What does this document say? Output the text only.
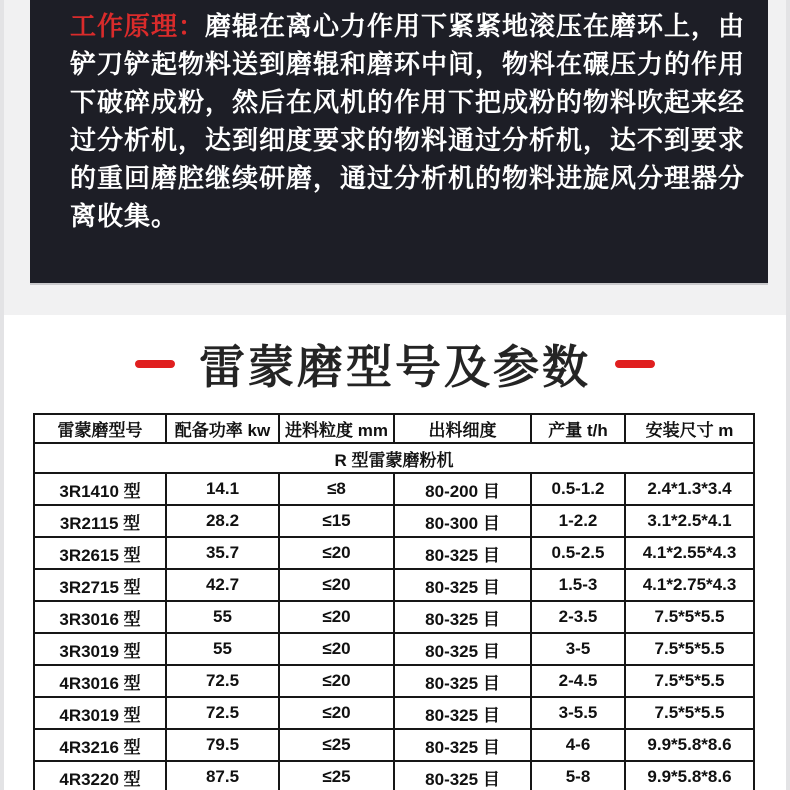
工作原理：磨辊在离心力作用下紧紧地滚压在磨环上，由
铲刀铲起物料送到磨辊和磨环中间，物料在碾压力的作用
下破碎成粉，然后在风机的作用下把成粉的物料吹起来经
过分析机，达到细度要求的物料通过分析机，达不到要求
的重回磨腔继续研磨，通过分析机的物料进旋风分理器分
离收集。
雷蒙磨型号及参数
雷蒙磨型号	配备功率 kw	进料粒度 mm	出料细度	产量 t/h	安装尺寸 m
R 型雷蒙磨粉机					
3R1410 型	14.1	≤8	80-200 目	0.5-1.2	2.4*1.3*3.4
3R2115 型	28.2	≤15	80-300 目	1-2.2	3.1*2.5*4.1
3R2615 型	35.7	≤20	80-325 目	0.5-2.5	4.1*2.55*4.3
3R2715 型	42.7	≤20	80-325 目	1.5-3	4.1*2.75*4.3
3R3016 型	55	≤20	80-325 目	2-3.5	7.5*5*5.5
3R3019 型	55	≤20	80-325 目	3-5	7.5*5*5.5
4R3016 型	72.5	≤20	80-325 目	2-4.5	7.5*5*5.5
4R3019 型	72.5	≤20	80-325 目	3-5.5	7.5*5*5.5
4R3216 型	79.5	≤25	80-325 目	4-6	9.9*5.8*8.6
4R3220 型	87.5	≤25	80-325 目	5-8	9.9*5.8*8.6
